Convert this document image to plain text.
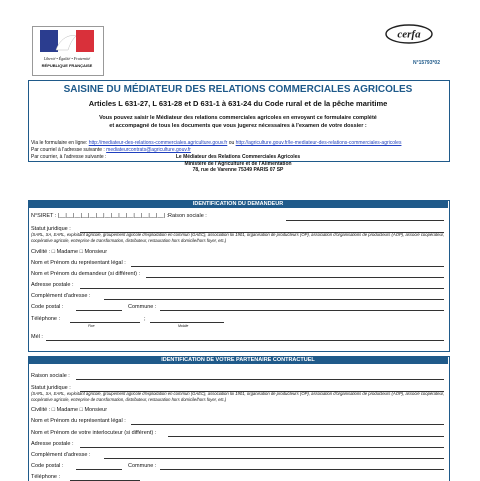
Liberté • Égalité • Fraternité
RÉPUBLIQUE FRANÇAISE
cerfa
N°15793*02
SAISINE DU MÉDIATEUR DES RELATIONS COMMERCIALES AGRICOLES
Articles L 631-27, L 631-28 et D 631-1 à 631-24 du Code rural et de la pêche maritime
Vous pouvez saisir le Médiateur des relations commerciales agricoles en envoyant ce formulaire complété
et accompagné de tous les documents que vous jugerez nécessaires à l'examen de votre dossier :
Via le formulaire en ligne: http://mediateur-des-relations-commerciales.agriculture.gouv.fr ou http://agriculture.gouv.fr/le-mediateur-des-relations-commerciales-agricoles
Par courriel à l'adresse suivante : mediateurcontrats@agriculture.gouv.fr
Par courrier, à l'adresse suivante :	Le Médiateur des Relations Commerciales Agricoles
Ministère de l'Agriculture et de l'Alimentation
78, rue de Varenne 75349 PARIS 07 SP
IDENTIFICATION DU DEMANDEUR
N°SIRET : |__|__|__|__|__|__|__|__|__|__|__|__|__|__| :Raison sociale :
Statut juridique :
(SARL, SA, EARL, exploitant agricole, groupement agricole d'exploitation en commun (GAEC), association loi 1901, organisation de producteurs (OP), association d'organisations de producteurs (AOP), associé coopérateur, coopérative agricole, entreprise de transformation, distributeur, restauration hors domicile/hors foyer, etc.)
Civilité : □ Madame □ Monsieur
Nom et Prénom du représentant légal :
Nom et Prénom du demandeur (si différent) :
Adresse postale :
Complément d'adresse :
Code postal :	Commune :
Téléphone :	;
Fixe	Mobile
Mél :
IDENTIFICATION DE VOTRE PARTENAIRE CONTRACTUEL
Raison sociale :
Statut juridique :
(SARL, SA, EARL, exploitant agricole, groupement agricole d'exploitation en commun (GAEC), association loi 1901, organisation de producteurs (OP), association d'organisations de producteurs (AOP), associé coopérateur, coopérative agricole, entreprise de transformation, distributeur, restauration hors domicile/hors foyer, etc.)
Civilité : □ Madame □ Monsieur
Nom et Prénom du représentant légal :
Nom et Prénom de votre interlocuteur (si différent) :
Adresse postale :
Complément d'adresse :
Code postal :	Commune :
Téléphone :
